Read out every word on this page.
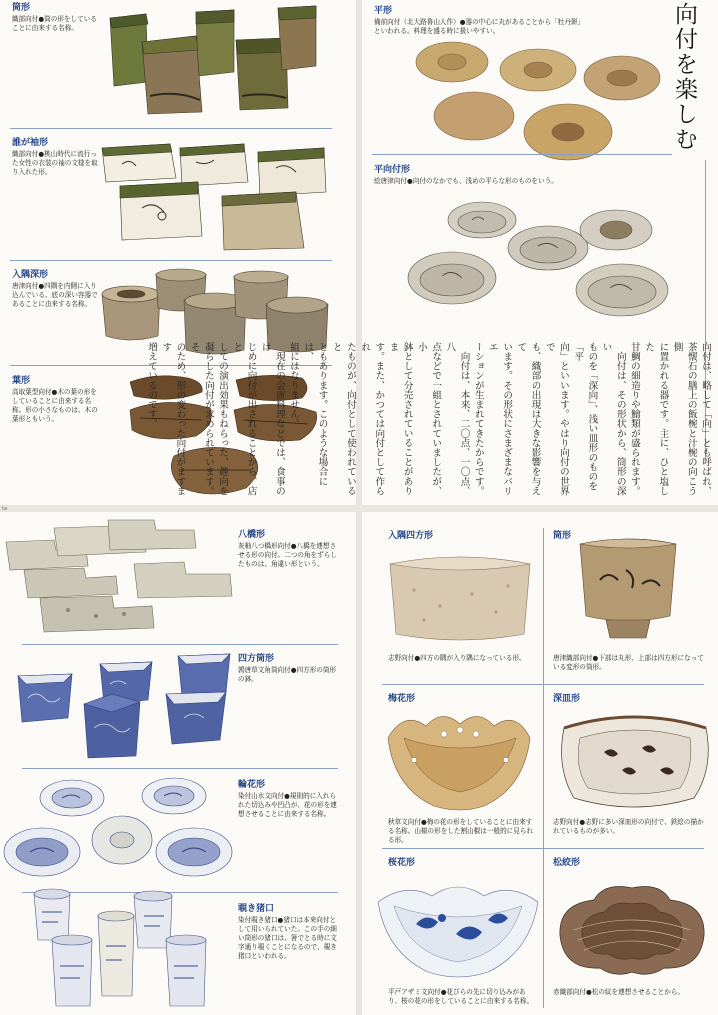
筒形
織部向付●筒の形をしていることに由来する名称。
誰が袖形
織部向付●桃山時代に流行った女性の衣装の袖の文様を取り入れた形。
入隅深形
唐津向付●四隅を内側に入り込んでいる、底の深い容器であることに由来する名称。
葉形
高取葉型向付●木の葉の形をしていることに由来する名称。形の小さなものは、木の葉形ともいう。
平形
備前向付（北大路魯山人作）●器の中心に丸があることから「牡丹餅」といわれる。料理を盛る時に扱いやすい。	向付を楽しむ
平向付形
絵唐津向付●向付のなかでも、浅めの平らな形のものをいう。
向付は、略して「向」とも呼ばれ、
茶懐石の膳上の飯椀と汁椀の向こう側
に置かれる器です。主に、ひと塩した
甘鯛の細造りや鱠類が盛られます。
　向付は、その形状から、筒形の深い
ものを「深向」、浅い皿形のものを「平
向」といいます。やはり向付の世界で
も、織部の出現は大きな影響を与えて
います。その形状にさまざまなバリエ
ーションが生まれてきたからです。
　向付は、本来、二〇点、一〇点、八
点などで一組とされていましたが、小
鉢として分売されていることがありま
す。また、かつては向付として作られ
たものが、向付として使われていると
ともあります。このような場合には、
組にはなりません。
　現在の会席料理などでは、食事のは
じめに向付が出されることから、店と
しての演出効果もねらった、趣向を
凝らした向付が求められています。そ
のため、形の変わった向付がますます
増えているのです。
ta
八橋形
灰釉八つ橋形向付●八橋を連想させる形の向付。二つの角をずらしたものは、角違い形という。
四方筒形
鶉唐草文角筒向付●四方形の筒形の鉢。
輪花形
染付山水文向付●規則的に入れられた切込みや凹凸が、花の形を連想させることに由来する名称。
覗き猪口
染付覗き猪口●猪口は本来向付として用いられていた。この手の細い筒形の猪口は、箸でとる時に文字通り覗くことになるので、覗き猪口といわれる。
入隅四方形
志野向付●四方の隅が入り隅になっている形。
筒形
唐津織部向付●下部は丸形、上部は四方形になっている変形の筒形。
梅花形
秋草文向付●梅の花の形をしていることに由来する名称。山椒の形をした割山椒は一般的に見られる形。
深皿形
志野向付●志野に多い深皿形の向付で、鉄絵の描かれているものが多い。
桜花形
平戸アザミ文向付●花びらの先に切り込みがあり、桜の花の形をしていることに由来する名称。
松絞形
赤織部向付●松の紋を連想させることから。
